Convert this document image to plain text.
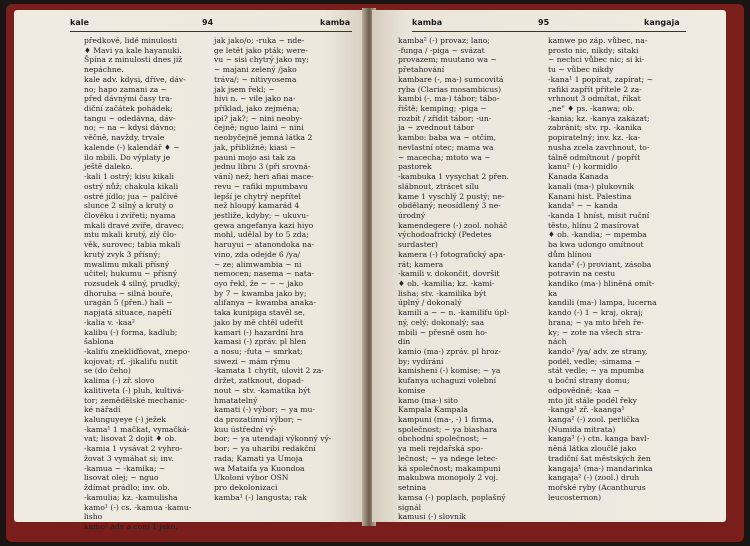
kale	94	kamba
předkové, lidé minulosti
♦ Mavi ya kale hayanuki.
Špína z minulosti dnes již
nepáchne.
kale adv. kdysi, dříve, dáv-
no; hapo zamani za ~
před dávnými časy tra-
diční začátek pohádek;
tangu ~ odedávna, dáv-
no; ~ na ~ kdysi dávno;
věčně, navždy, trvale
kalende (-) kalendář ♦ ~
ilo mbili. Do výplaty je
ještě daleko.
-kali 1 ostrý; kisu kikali
ostrý nůž; chakula kikali
ostré jídlo; jua ~ palčivé
slunce 2 silný a krutý o
člověku i zvířeti; nyama
mkali dravé zvíře, dravec;
mtu mkali krutý, zlý člo-
věk, surovec; tabia mkali
krutý zvyk 3 přísný;
mwalimu mkali přísný
učitel; hukumu ~ přísný
rozsudek 4 silný, prudký;
dhoruba ~ silná bouře,
uragán 5 (přen.) hali ~
napjatá situace, napětí
-kalia v. -kaa²
kalibu (-) forma, kadlub;
šablona
-kalifu znekliďňovat, znepo-
kojovat; rf. -jikalifu nutit
se (do čeho)
kalima (-) zř. slovo
kalitiveta (-) pluh, kultivá-
tor; zemědělské mechanic-
ké nářadí
kalunguyeye (-) ježek
-kama¹ 1 mačkat, vymačká-
vat; lisovat 2 dojit ♦ ob.
-kamia 1 vysávat 2 vyhro-
žovat 3 vymáhat si; inv.
-kamua ~ -kamika; ~
lisovat olej; ~ nguo
ždímat prádlo; inv. ob.
-kamulia; kz. -kamulisha
kamo¹ (-) cs. -kamua -kamu-
lisho
kamo² adv a conj 1 jako,
jak jako/o; -ruka ~ nde-
ge letět jako pták; were-
vu ~ sisi chytrý jako my;
~ majani zelený /jako
tráva/; ~ nitivyosema
jak jsem řekl; ~
hivi n. ~ vile jako na-
příklad, jako zejména;
ipi? jak?; ~ nini neoby-
čejně; nguo laini ~ nini
neobyčejně jemná látka 2
jak, přibližně; kiasi ~
pauni mojo asi tak za
jednu libru 3 (při srovná-
vání) než; heri afiai mace-
revu ~ rafiki mpumbavu
lepší je chytrý nepřítel
než hloupý kamarád 4
jestliže, kdyby; ~ ukuvu-
gewa angefanya kazi hiyo
mohl, udělal by to 5 zda;
haruyui ~ atanondoka na-
vino, zda odejde 6 /ya/
~ ze; alimwambia ~ ni
nemocen; nasema ~ nata-
oyo řekl, že ~ ~ ~ jako
by 7 ~ kwamba jako by;
alifanya ~ kwamba anaka-
taka kunipiga stavěl se,
jako by mě chtěl udeřit
kamari (-) hazardní hra
kamasi (-) zpráv. pl hlen
a nosu; -futa ~ smrkat;
siwezi ~ mám rýmu
-kamata 1 chytit, ulovit 2 za-
držet, zatknout, dopad-
nout ~ stv. -kamatika být
hmatatelný
kamati (-) výbor; ~ ya mu-
da prozatímní výbor; ~
kuu ústřední vý-
bor; ~ ya utendaji výkonný vý-
bor; ~ ya uharibi redakční
rada; Kamati ya Umoja
wa Mataifa ya Kuondoa
Ukoloni výbor OSN
pro dekolonizaci
kamba¹ (-) langusta; rak
kamba	95	kangaja
kamba² (-) provaz; lano;
-funga / -piga ~ svázat
provazem; muutano wa ~
přetahování
kambare (-, ma-) sumcovitá
ryba (Clarias mosambicus)
kambi (-, ma-) tábor; tábo-
řiště; kemping; -piga ~
rozbít / zřídit tábor; -un-
ja ~ zvednout tábor
kambo: baba wa ~ otčím,
nevlastní otec; mama wa
~ macecha; mtoto wa ~
pastorek
-kambuka 1 vysychat 2 přen.
slábnout, ztrácet sílu
kame 1 vyschlý 2 pustý; ne-
obdělaný; neosídlený 3 ne-
úrodný
kamendegere (-) zool. noháč
východoafrický (Pedetes
surdaster)
kamera (-) fotografický apa-
rát; kamera
-kamili v. dokončit, dovršit
♦ ob. -kamilia; kz. -kami-
lisha; stv. -kamilika být
úplný / dokonalý
kamili a ~ ~ n. -kamilifu úpl-
ný, celý; dokonalý; saa
mbili ~ přesně osm ho-
din
kamio (ma-) zpráv. pl hroz-
by; vydírání
kamisheni (-) komise; ~ ya
kufanya uchaguzi volební
komise
kamo (ma-) sito
Kampala Kampala
kampuni (ma-, -) 1 firma,
společnost; ~ ya biashara
obchodní společnost; ~
ya meli rejdařská spo-
lečnost; ~ ya ndege letec-
ká společnost; makampuni
makubwa monopoly 2 voj.
setnina
kamsa (-) poplach, poplašný
signál
kamusi (-) slovník
kamwe po záp. vůbec, na-
prosto nic, nikdy; sitaki
~ nechci vůbec nic; si ki-
tu ~ vůbec nikdy
-kana¹ 1 popírat, zapírat; ~
rafiki zapřít přítele 2 za-
vrhnout 3 odmítat, říkat
„ne" ♦ ps. -kanwa; ob.
-kania; kz. -kanya zakázat;
zabránit; stv. rp. -kanika
popiratelný; inv. kz. -ka-
nusha zcela zavrhnout, to-
tálně odmítnout / popřít
kanu² (-) kormidlo
Kanada Kanada
kanali (ma-) plukovník
Kanani hist. Palestina
kanda¹ ~ ~ kanda
-kanda 1 hníst, mísit ruční
těsto, hlínu 2 masírovat
♦ ob. -kandia; ~ mpemba
ba kwa udongo omítnout
dům hlínou
kanda² (-) proviant, zásoba
potravin na cestu
kandiko (ma-) hliněná omít-
ka
kandili (ma-) lampa, lucerna
kando (-) 1 ~ kraj, okraj;
hrana; ~ ya mto břeh ře-
ky; ~ zote na všech stra-
nách
kando² /ya/ adv. ze strany,
podél, vedle; -simama ~
stát vedle; ~ ya mpumba
u boční strany domu;
odpovědně; -kaa ~
mto jít stále podél řeky
-kanga¹ zř. -kaanga¹
kanga² (-) zool. perlička
(Numida mitrata)
kanga³ (-) ctn. kanga bavl-
něná látka zloučlé jako
tradiční šat městských žen
kangaja¹ (ma-) mandarinka
kangaja² (-) (zool.) druh
mořské ryby (Acanthurus
leucosternon)
